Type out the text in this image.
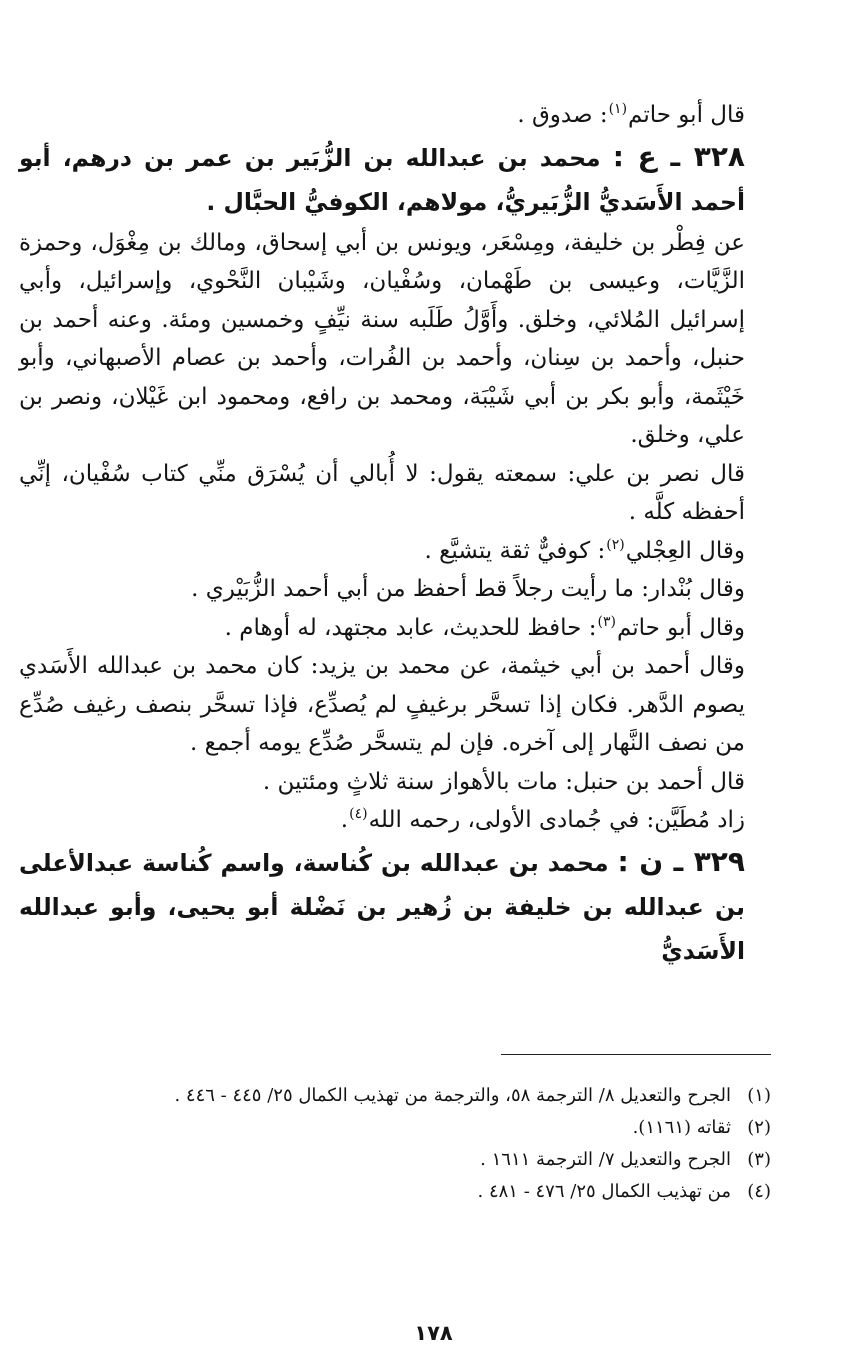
قال أبو حاتم$^{(١)}$: صدوق .

٣٢٨ ـ ع : محمد بن عبدالله بن الزُّبَير بن عمر بن درهم، أبو أحمد الأَسَديُّ الزُّبَيريُّ، مولاهم، الكوفيُّ الحبَّال .

عن فِطْر بن خليفة، ومِسْعَر، ويونس بن أبي إسحاق، ومالك بن مِغْوَل، وحمزة الزَّيَّات، وعيسى بن طَهْمان، وسُفْيان، وشَيْبان النَّحْوي، وإسرائيل، وأبي إسرائيل المُلائي، وخلق. وأَوَّلُ طَلَبه سنة نيِّفٍ وخمسين ومئة. وعنه أحمد بن حنبل، وأحمد بن سِنان، وأحمد بن الفُرات، وأحمد بن عصام الأصبهاني، وأبو خَيْثَمة، وأبو بكر بن أبي شَيْبَة، ومحمد بن رافع، ومحمود ابن غَيْلان، ونصر بن علي، وخلق.

قال نصر بن علي: سمعته يقول: لا أُبالي أن يُسْرَق منِّي كتاب سُفْيان، إنِّي أحفظه كلَّه .

وقال العِجْلي$^{(٢)}$: كوفيٌّ ثقة يتشيَّع .

وقال بُنْدار: ما رأيت رجلاً قط أحفظ من أبي أحمد الزُّبَيْري .

وقال أبو حاتم$^{(٣)}$: حافظ للحديث، عابد مجتهد، له أوهام .

وقال أحمد بن أبي خيثمة، عن محمد بن يزيد: كان محمد بن عبدالله الأَسَدي يصوم الدَّهر. فكان إذا تسحَّر برغيفٍ لم يُصدِّع، فإذا تسحَّر بنصف رغيف صُدِّع من نصف النَّهار إلى آخره. فإن لم يتسحَّر صُدِّع يومه أجمع .

قال أحمد بن حنبل: مات بالأهواز سنة ثلاثٍ ومئتين .

زاد مُطَيَّن: في جُمادى الأولى، رحمه الله$^{(٤)}$.

٣٢٩ ـ ن : محمد بن عبدالله بن كُناسة، واسم كُناسة عبدالأعلى بن عبدالله بن خليفة بن زُهير بن نَضْلة أبو يحيى، وأبو عبدالله الأَسَديُّ

(١)الجرح والتعديل ٨/ الترجمة ٥٨، والترجمة من تهذيب الكمال ٢٥/ ٤٤٥ - ٤٤٦ .

(٢)ثقاته (١١٦١).

(٣)الجرح والتعديل ٧/ الترجمة ١٦١١ .

(٤)من تهذيب الكمال ٢٥/ ٤٧٦ - ٤٨١ .

١٧٨
